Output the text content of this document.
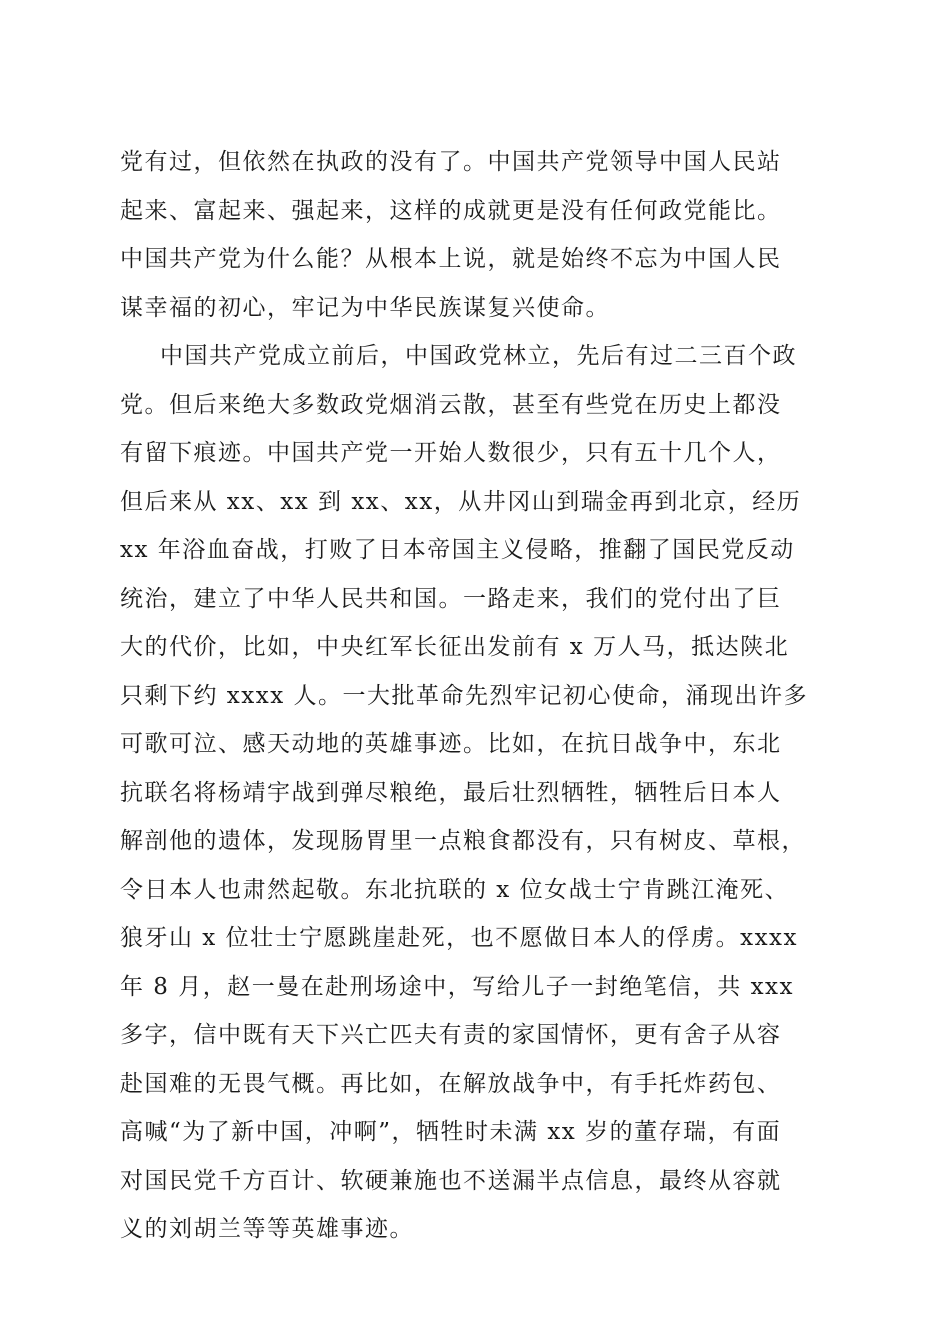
党有过，但依然在执政的没有了。中国共产党领导中国人民站
起来、富起来、强起来，这样的成就更是没有任何政党能比。
中国共产党为什么能？从根本上说，就是始终不忘为中国人民
谋幸福的初心，牢记为中华民族谋复兴使命。
中国共产党成立前后，中国政党林立，先后有过二三百个政
党。但后来绝大多数政党烟消云散，甚至有些党在历史上都没
有留下痕迹。中国共产党一开始人数很少，只有五十几个人，
但后来从 xx、xx 到 xx、xx，从井冈山到瑞金再到北京，经历
xx 年浴血奋战，打败了日本帝国主义侵略，推翻了国民党反动
统治，建立了中华人民共和国。一路走来，我们的党付出了巨
大的代价，比如，中央红军长征出发前有 x 万人马，抵达陕北
只剩下约 xxxx 人。一大批革命先烈牢记初心使命，涌现出许多
可歌可泣、感天动地的英雄事迹。比如，在抗日战争中，东北
抗联名将杨靖宇战到弹尽粮绝，最后壮烈牺牲，牺牲后日本人
解剖他的遗体，发现肠胃里一点粮食都没有，只有树皮、草根，
令日本人也肃然起敬。东北抗联的 x 位女战士宁肯跳江淹死、
狼牙山 x 位壮士宁愿跳崖赴死，也不愿做日本人的俘虏。xxxx
年 8 月，赵一曼在赴刑场途中，写给儿子一封绝笔信，共 xxx
多字，信中既有天下兴亡匹夫有责的家国情怀，更有舍子从容
赴国难的无畏气概。再比如，在解放战争中，有手托炸药包、
高喊“为了新中国，冲啊”，牺牲时未满 xx 岁的董存瑞，有面
对国民党千方百计、软硬兼施也不送漏半点信息，最终从容就
义的刘胡兰等等英雄事迹。
